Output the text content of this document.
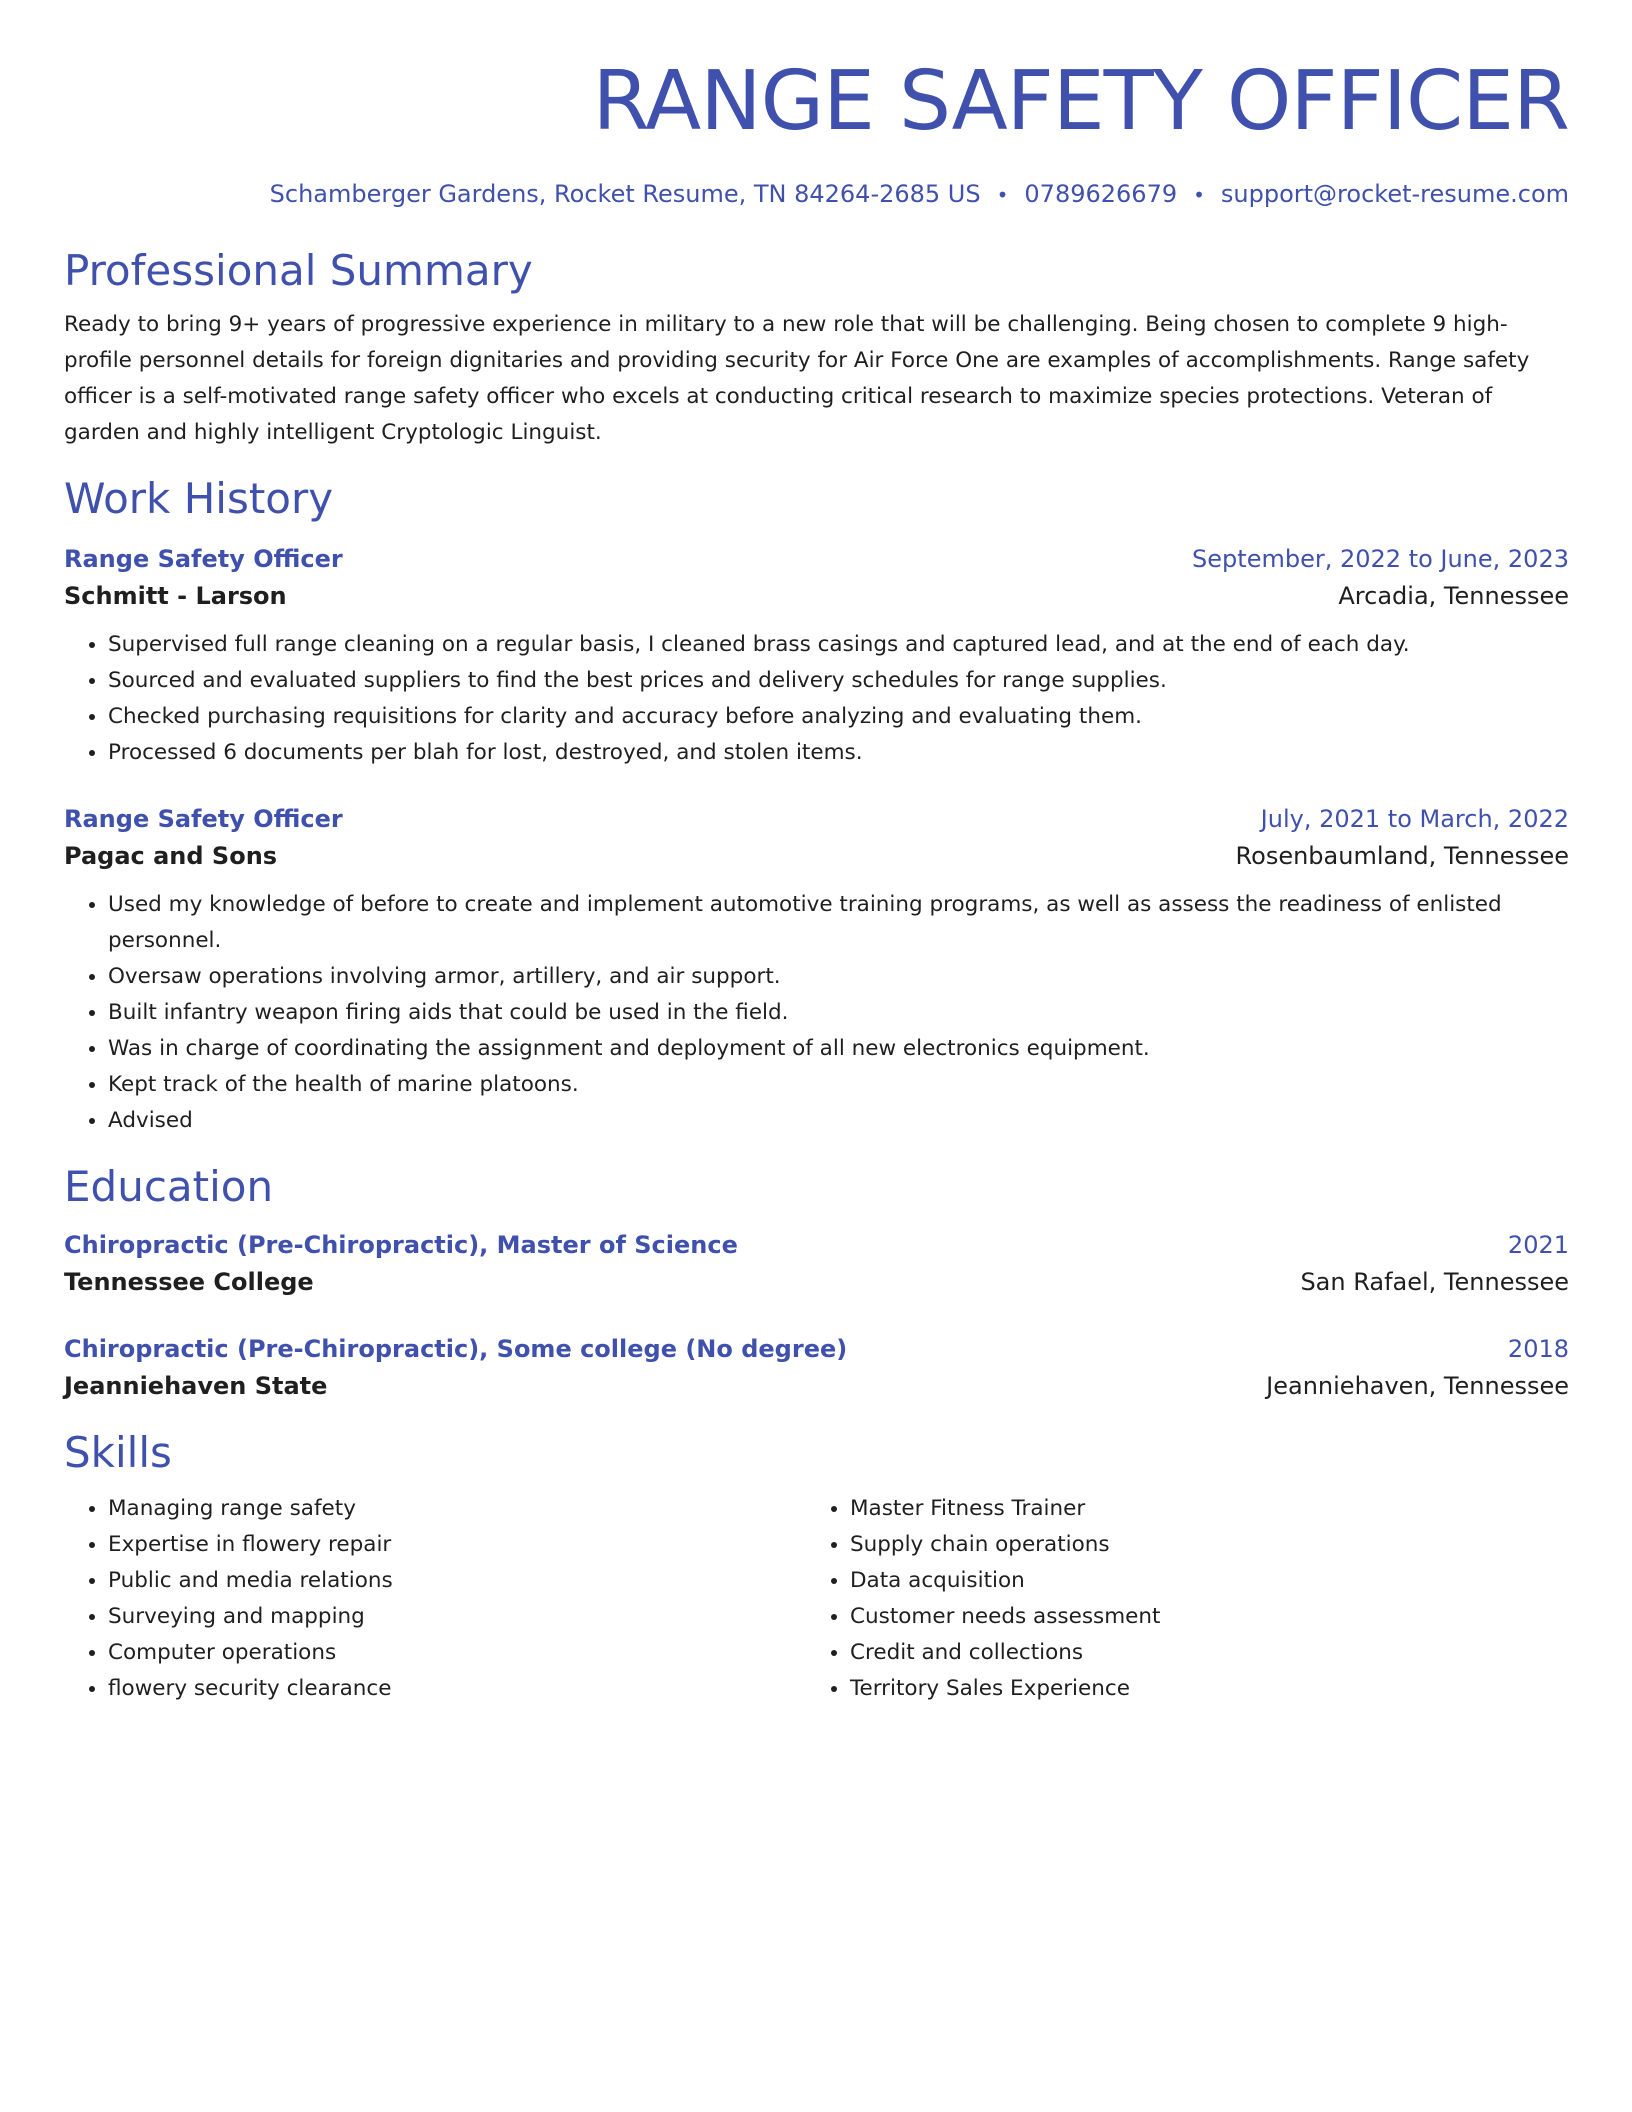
RANGE SAFETY OFFICER
Schamberger Gardens, Rocket Resume, TN 84264-2685 US • 0789626679 • support@rocket-resume.com
Professional Summary
Ready to bring 9+ years of progressive experience in military to a new role that will be challenging. Being chosen to complete 9 high-profile personnel details for foreign dignitaries and providing security for Air Force One are examples of accomplishments. Range safety officer is a self-motivated range safety officer who excels at conducting critical research to maximize species protections. Veteran of garden and highly intelligent Cryptologic Linguist.
Work History
Range Safety Officer	September, 2022 to June, 2023
Schmitt - Larson	Arcadia, Tennessee
• Supervised full range cleaning on a regular basis, I cleaned brass casings and captured lead, and at the end of each day.
• Sourced and evaluated suppliers to find the best prices and delivery schedules for range supplies.
• Checked purchasing requisitions for clarity and accuracy before analyzing and evaluating them.
• Processed 6 documents per blah for lost, destroyed, and stolen items.
Range Safety Officer	July, 2021 to March, 2022
Pagac and Sons	Rosenbaumland, Tennessee
• Used my knowledge of before to create and implement automotive training programs, as well as assess the readiness of enlisted personnel.
• Oversaw operations involving armor, artillery, and air support.
• Built infantry weapon firing aids that could be used in the field.
• Was in charge of coordinating the assignment and deployment of all new electronics equipment.
• Kept track of the health of marine platoons.
• Advised
Education
Chiropractic (Pre-Chiropractic), Master of Science	2021
Tennessee College	San Rafael, Tennessee
Chiropractic (Pre-Chiropractic), Some college (No degree)	2018
Jeanniehaven State	Jeanniehaven, Tennessee
Skills
• Managing range safety
• Expertise in flowery repair
• Public and media relations
• Surveying and mapping
• Computer operations
• flowery security clearance
• Master Fitness Trainer
• Supply chain operations
• Data acquisition
• Customer needs assessment
• Credit and collections
• Territory Sales Experience
